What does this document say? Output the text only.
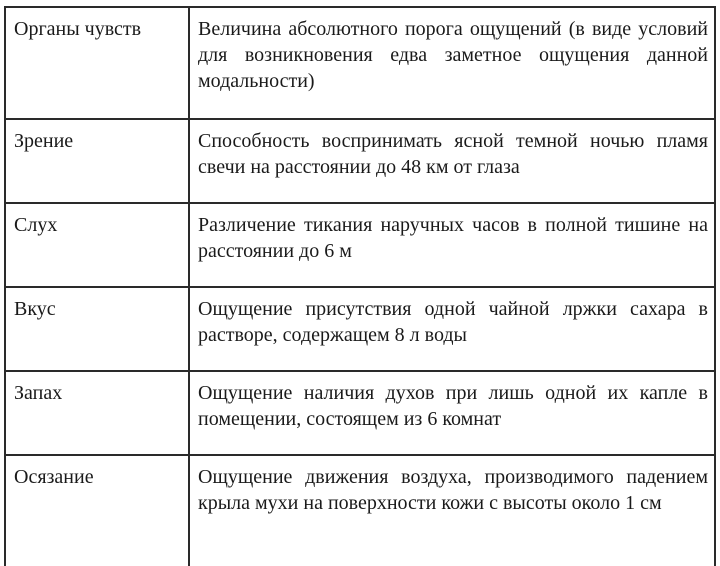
Органы чувств	Величина абсолютного порога ощущений (в виде условий для возникновения едва заметное ощущения данной модальности)
Зрение	Способность воспринимать ясной темной ночью пламя свечи на расстоянии до 48 км от глаза
Слух	Различение тикания наручных часов в полной тишине на расстоянии до 6 м
Вкус	Ощущение присутствия одной чайной лржки сахара в растворе, содержащем 8 л воды
Запах	Ощущение наличия духов при лишь одной их капле в помещении, состоящем из 6 комнат
Осязание	Ощущение движения воздуха, производимого падением крыла мухи на поверхности кожи с высоты около 1 см
